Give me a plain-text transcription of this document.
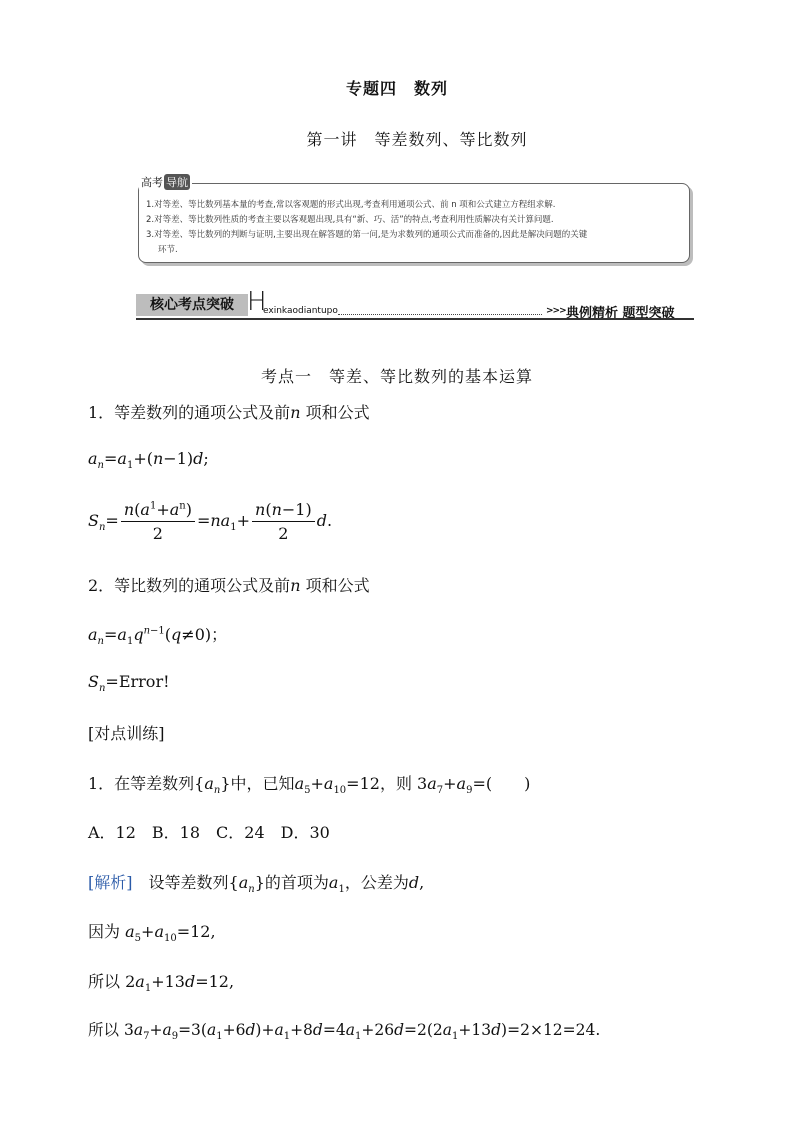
专题四　数列
第一讲　等差数列、等比数列
高考 导航
1.对等差、等比数列基本量的考查,常以客观题的形式出现,考查利用通项公式、前 n 项和公式建立方程组求解.
2.对等差、等比数列性质的考查主要以客观题出现,具有“新、巧、活”的特点,考查利用性质解决有关计算问题.
3.对等差、等比数列的判断与证明,主要出现在解答题的第一问,是为求数列的通项公式而准备的,因此是解决问题的关键
环节.
核心考点突破 H
exinkaodiantupo	>>> 典例精析 题型突破
考点一　等差、等比数列的基本运算
1．等差数列的通项公式及前n 项和公式
$a_n=a_1+(n-1)d$;
$S_n= \frac{n(a^1+a^n)}{2} =na_1+ \frac{n(n-1)}{2} d$.
2．等比数列的通项公式及前n 项和公式
$a_n=a_1q^{n-1}(q\ne 0)$；
$S_n=Error$!
[对点训练]
1．在等差数列$\{a_n\}$中，已知$a_5+a_{10}=12$，则 $3a_7+a_9=$(　　)
A．12　B．18　C．24　D．30
[解析]　 设等差数列$\{a_n\}$的首项为$a_1$，公差为d,
因为 $a_5+a_{10}=12$,
所以 $2a_1+13d=12$,
所以 $3a_7+a_9=3(a_1+6d)+a_1+8d=4a_1+26d=2(2a_1+13d)=2\times 12=24$.
